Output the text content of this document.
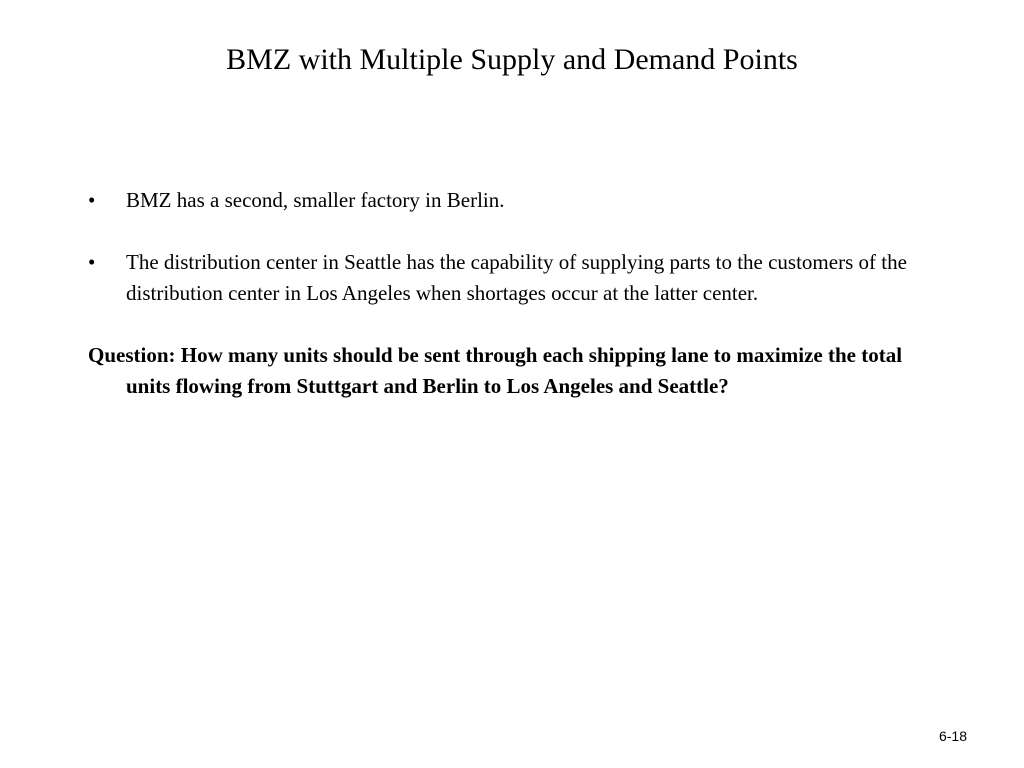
BMZ with Multiple Supply and Demand Points
•	BMZ has a second, smaller factory in Berlin.
•	The distribution center in Seattle has the capability of supplying parts to the customers of the distribution center in Los Angeles when shortages occur at the latter center.

Question: How many units should be sent through each shipping lane to maximize the total units flowing from Stuttgart and Berlin to Los Angeles and Seattle?

6-18
